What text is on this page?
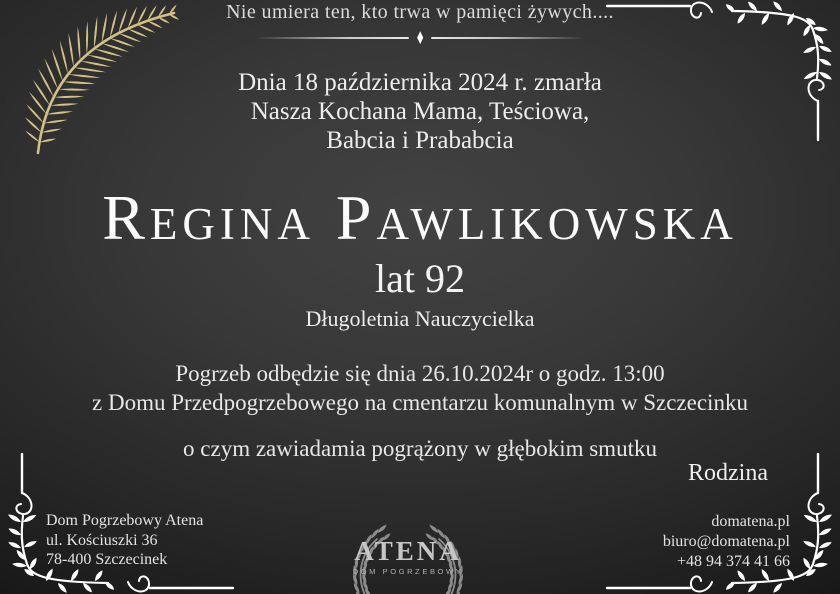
Nie umiera ten, kto trwa w pamięci żywych....
◆
Dnia 18 października 2024 r. zmarła
Nasza Kochana Mama, Teściowa,
Babcia i Prababcia
Regina Pawlikowska
lat 92
Długoletnia Nauczycielka
Pogrzeb odbędzie się dnia 26.10.2024r o godz. 13:00
z Domu Przedpogrzebowego na cmentarzu komunalnym w Szczecinku
o czym zawiadamia pogrążony w głębokim smutku
Rodzina
Dom Pogrzebowy Atena
ul. Kościuszki 36
78-400 Szczecinek
domatena.pl
biuro@domatena.pl
+48 94 374 41 66
ATENA
DOM POGRZEBOWY
